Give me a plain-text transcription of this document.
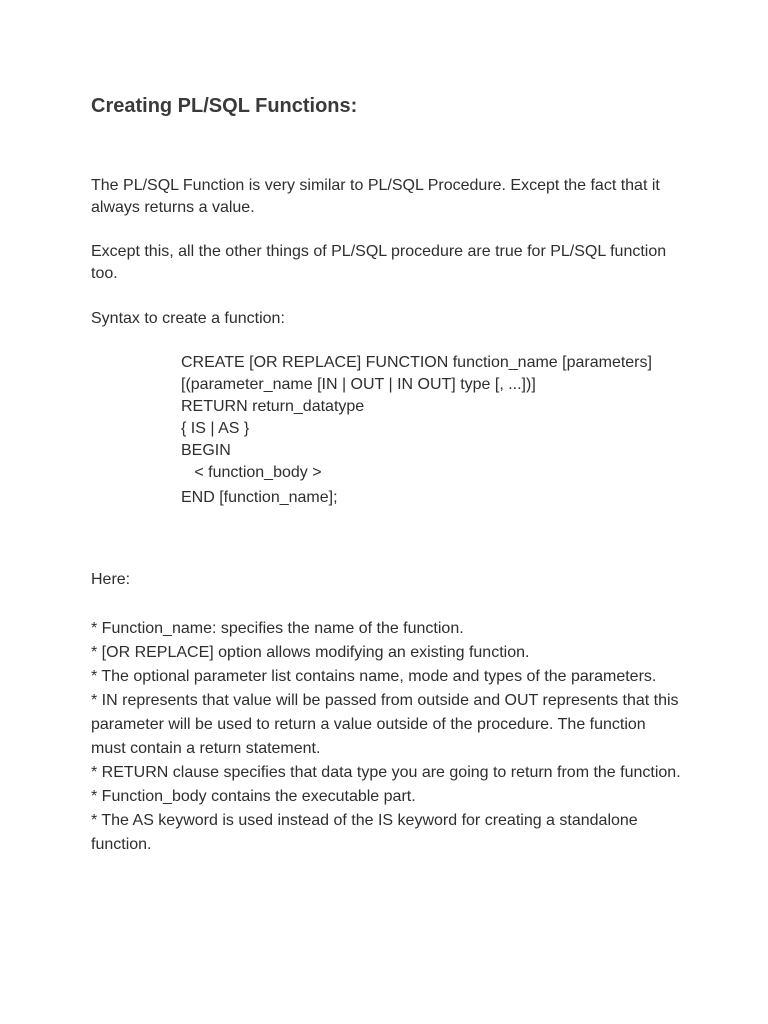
Creating PL/SQL Functions:

The PL/SQL Function is very similar to PL/SQL Procedure. Except the fact that it always returns a value.

Except this, all the other things of PL/SQL procedure are true for PL/SQL function too.

Syntax to create a function:

CREATE [OR REPLACE] FUNCTION function_name [parameters]
[(parameter_name [IN | OUT | IN OUT] type [, ...])]
RETURN return_datatype
{ IS | AS }
BEGIN
< function_body >
END [function_name];

Here:

* Function_name: specifies the name of the function.
* [OR REPLACE] option allows modifying an existing function.
* The optional parameter list contains name, mode and types of the parameters.
* IN represents that value will be passed from outside and OUT represents that this parameter will be used to return a value outside of the procedure. The function must contain a return statement.
* RETURN clause specifies that data type you are going to return from the function.
* Function_body contains the executable part.
* The AS keyword is used instead of the IS keyword for creating a standalone function.
